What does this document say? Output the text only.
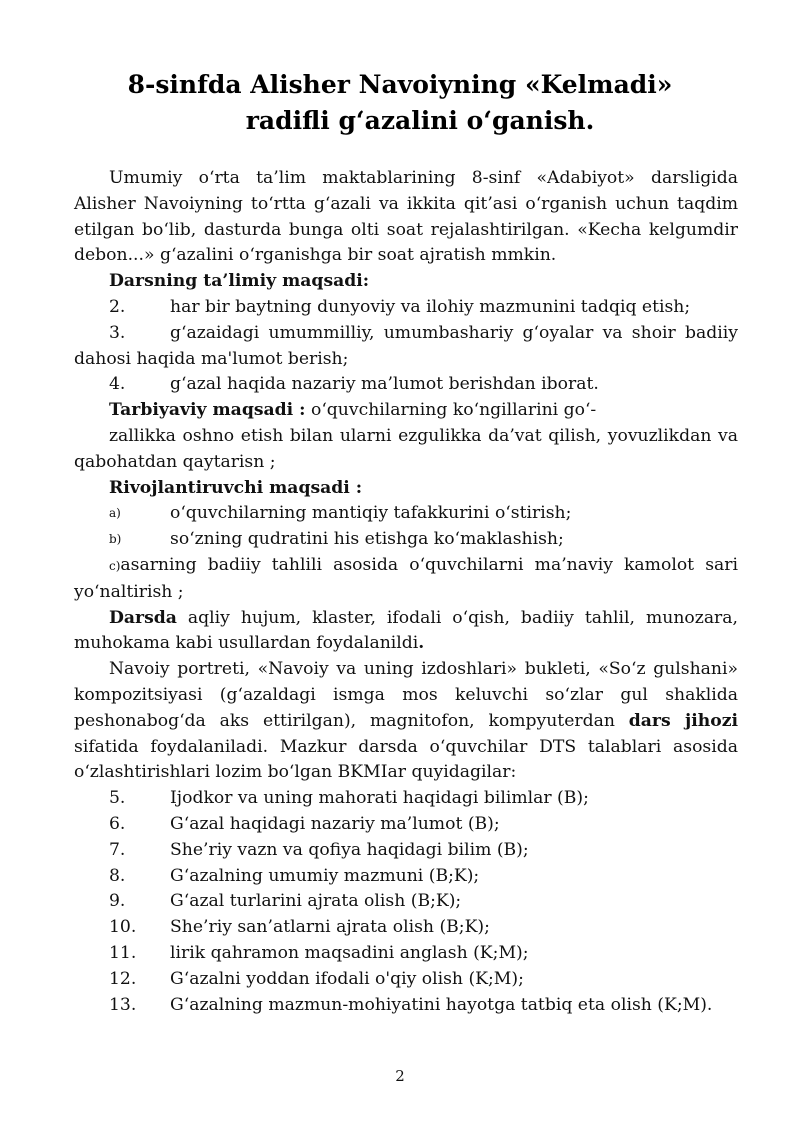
8-sinfda Alisher Navoiyning «Kelmadi»
radifli g‘azalini o‘ganish.

Umumiy o‘rta ta’lim maktablarining 8-sinf «Adabiyot» darsligida Alisher Navoiyning to‘rtta g‘azali va ikkita qit’asi o‘rganish uchun taqdim etilgan bo‘lib, dasturda bunga olti soat rejalashtirilgan. «Kecha kelgumdir debon...» g‘azalini o‘rganishga bir soat ajratish mmkin.

Darsning ta’limiy maqsadi:

2.	har bir baytning dunyoviy va ilohiy mazmunini tadqiq etish;

3.	g‘azaidagi umummilliy, umumbashariy g‘oyalar va shoir badiiy dahosi haqida ma'lumot berish;

4.	g‘azal haqida nazariy ma’lumot berishdan iborat.

Tarbiyaviy maqsadi : o‘quvchilarning ko‘ngillarini go‘-

zallikka oshno etish bilan ularni ezgulikka da’vat qilish, yovuzlikdan va qabohatdan qaytarisn ;

Rivojlantiruvchi maqsadi :

a)	o‘quvchilarning mantiqiy tafakkurini o‘stirish;
b)	so‘zning qudratini his etishga ko‘maklashish;

c)asarning badiiy tahlili asosida o‘quvchilarni ma’naviy kamolot sari yo‘naltirish ;

Darsda aqliy hujum, klaster, ifodali o‘qish, badiiy tahlil, munozara, muhokama kabi usullardan foydalanildi.

Navoiy portreti, «Navoiy va uning izdoshlari» bukleti, «So‘z gulshani» kompozitsiyasi (g‘azaldagi ismga mos keluvchi so‘zlar gul shaklida peshonabog‘da aks ettirilgan), magnitofon, kompyuterdan dars jihozi sifatida foydalaniladi. Mazkur darsda o‘quvchilar DTS talablari asosida o‘zlashtirishlari lozim bo‘lgan BKMIar quyidagilar:

5.	Ijodkor va uning mahorati haqidagi bilimlar (B);
6.	G‘azal haqidagi nazariy ma’lumot (B);
7.	She’riy vazn va qofiya haqidagi bilim (B);
8.	G‘azalning umumiy mazmuni (B;K);
9.	G‘azal turlarini ajrata olish (B;K);
10.	She’riy san’atlarni ajrata olish (B;K);
11.	lirik qahramon maqsadini anglash (K;M);
12.	G‘azalni yoddan ifodali o'qiy olish (K;M);
13.	G‘azalning mazmun-mohiyatini hayotga tatbiq eta olish (K;M).
2
